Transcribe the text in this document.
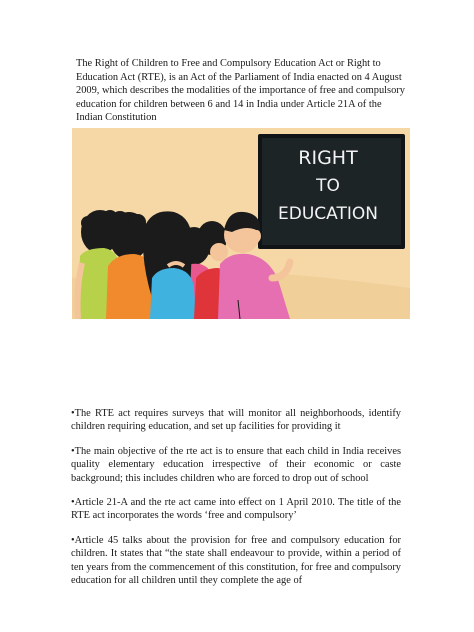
The Right of Children to Free and Compulsory Education Act or Right to Education Act (RTE), is an Act of the Parliament of India enacted on 4 August 2009, which describes the modalities of the importance of free and compulsory education for children between 6 and 14 in India under Article 21A of the Indian Constitution

RIGHT
TO
EDUCATION

•The RTE act requires surveys that will monitor all neighborhoods, identify children requiring education, and set up facilities for providing it

•The main objective of the rte act is to ensure that each child in India receives quality elementary education irrespective of their economic or caste background; this includes children who are forced to drop out of school

•Article 21-A and the rte act came into effect on 1 April 2010. The title of the RTE act incorporates the words ‘free and compulsory’

•Article 45 talks about the provision for free and compulsory education for children. It states that “the state shall endeavour to provide, within a period of ten years from the commencement of this constitution, for free and compulsory education for all children until they complete the age of
